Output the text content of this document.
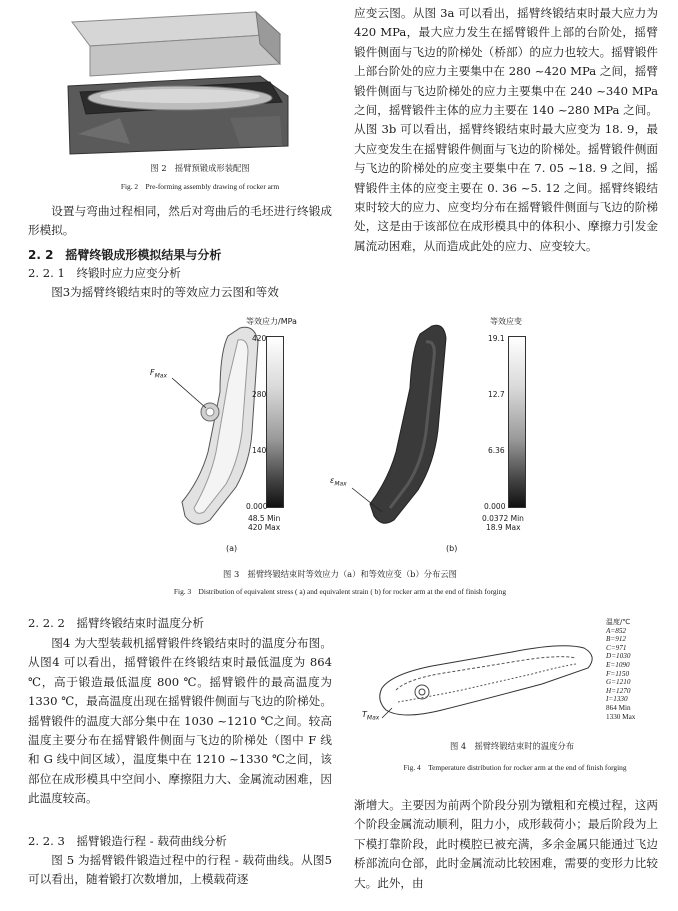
图 2　摇臂预锻成形装配图
Fig. 2　Pre-forming assembly drawing of rocker arm
设置与弯曲过程相同，然后对弯曲后的毛坯进行终锻成形模拟。
2. 2　摇臂终锻成形模拟结果与分析
2. 2. 1　终锻时应力应变分析
图3为摇臂终锻结束时的等效应力云图和等效
应变云图。从图 3a 可以看出，摇臂终锻结束时最大应力为 420 MPa，最大应力发生在摇臂锻件上部的台阶处，摇臂锻件侧面与飞边的阶梯处（桥部）的应力也较大。摇臂锻件上部台阶处的应力主要集中在 280 ~420 MPa 之间，摇臂锻件侧面与飞边阶梯处的应力主要集中在 240 ~340 MPa 之间，摇臂锻件主体的应力主要在 140 ~280 MPa 之间。从图 3b 可以看出，摇臂终锻结束时最大应变为 18. 9，最大应变发生在摇臂锻件侧面与飞边的阶梯处。摇臂锻件侧面与飞边的阶梯处的应变主要集中在 7. 05 ~18. 9 之间，摇臂锻件主体的应变主要在 0. 36 ~5. 12 之间。摇臂终锻结束时较大的应力、应变均分布在摇臂锻件侧面与飞边的阶梯处，这是由于该部位在成形模具中的体积小、摩擦力引发金属流动困难，从而造成此处的应力、应变较大。
$F_{Max}$
等效应力/MPa
420
280
140
0.000
48.5 Min
420 Max
(a)
$\varepsilon_{Max}$
等效应变
19.1
12.7
6.36
0.000
0.0372 Min
18.9 Max
(b)
图 3　摇臂终锻结束时等效应力（a）和等效应变（b）分布云图
Fig. 3　Distribution of equivalent stress ( a) and equivalent strain ( b) for rocker arm at the end of finish forging
2. 2. 2　摇臂终锻结束时温度分析
图4 为大型装载机摇臂锻件终锻结束时的温度分布图。从图4 可以看出，摇臂锻件在终锻结束时最低温度为 864 ℃，高于锻造最低温度 800 ℃。摇臂锻件的最高温度为 1330 ℃，最高温度出现在摇臂锻件侧面与飞边的阶梯处。摇臂锻件的温度大部分集中在 1030 ~1210 ℃之间。较高温度主要分布在摇臂锻件侧面与飞边的阶梯处（图中 F 线和 G 线中间区域），温度集中在 1210 ~1330 ℃之间，该部位在成形模具中空间小、摩擦阻力大、金属流动困难，因此温度较高。
2. 2. 3　摇臂锻造行程 - 载荷曲线分析
图 5 为摇臂锻件锻造过程中的行程 - 载荷曲线。从图5 可以看出，随着锻打次数增加，上模载荷逐
$T_{Max}$
温度/℃
A=852
B=912
C=971
D=1030
E=1090
F=1150
G=1210
H=1270
I=1330
864 Min
1330 Max
图 4　摇臂终锻结束时的温度分布
Fig. 4　Temperature distribution for rocker arm at the end of finish forging
渐增大。主要因为前两个阶段分别为镦粗和充模过程，这两个阶段金属流动顺利，阻力小，成形载荷小；最后阶段为上下模打靠阶段，此时模腔已被充满，多余金属只能通过飞边桥部流向仓部，此时金属流动比较困难，需要的变形力比较大。此外，由
